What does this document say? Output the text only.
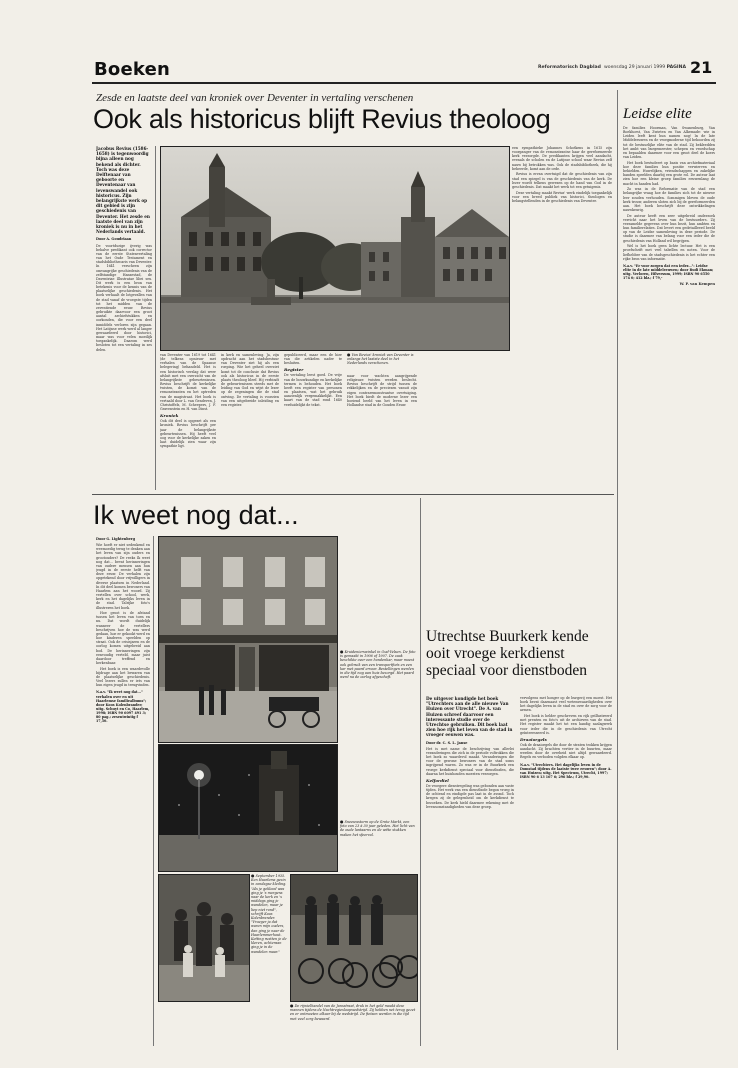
Boeken	Reformatorisch Dagblad woensdag 29 januari 1999 PAGINA 21
Zesde en laatste deel van kroniek over Deventer in vertaling verschenen
Ook als historicus blijft Revius theoloog
Jacobus Revius (1586-1658) is tegenwoordig bijna alleen nog bekend als dichter. Toch was deze Delftenaar van geboorte en Deventenaar van levenswandel ook historicus. Zijn belangrijkste werk op dit gebied is zijn geschiedenis van Deventer. Het zesde en laatste deel van zijn kroniek is nu in het Nederlands vertaald.
Door A. Goudriaan

De voortdurige ijverig was behalve predikant ook corrector van de eerste Statenvertaling van het Oude Testament en stadsbibliothecaris van Deventer. In 1641 verscheen zijn omvangrijke geschiedenis van de zelfstandige Hanzestad, de Daventriae Illustratae libri sex. Dit werk is een bron van betekenis voor de kennis van de plaatselijke geschiedenis. Het boek verhaalt de lotgevallen van de stad vanaf de vroegste tijden tot het midden van de zeventiende eeuw. Revius gebruikte daarvoor een groot aantal archiefstukken en oorkonden, die voor een deel inmiddels verloren zijn gegaan. Het Latijnse werk werd al langer gewaardeerd door historici, maar was voor velen moeilijk toegankelijk. Daarom werd besloten tot een vertaling in zes delen.

van Deventer van 1619 tot 1641 (de telkens opnieuw met verhalen van de Spaanse belegering) behandeld. Het is een historisch verslag dat weer afsluit met een overzicht van de belangrijkste gebeurtenissen. Revius beschrijft de kerkelijke twisten, de komst van de remonstranten en het optreden van de magistraat. Het boek is vertaald door L. van Gendeven, J. Christoffels, M. Scheepers, J. F. Gravenstein en H. van Dinst.

Kroniek

Ook dit deel is opgezet als een kroniek. Revius beschrijft per jaar de belangrijkste gebeurtenissen. Hij heeft veel oog voor de kerkelijke zaken en laat duidelijk zien waar zijn sympathie ligt.

in kerk en samenleving. Ja, zijn opdracht aan het stadsbestuur van Deventer ziet hij als een roeping. Wie het geheel overziet komt tot de conclusie dat Revius ook als historicus in de eerste plaats theoloog bleef. Hij verbindt de gebeurtenissen steeds met de leiding van God en wijst de lezer op de zegeningen die de stad ontving. De vertaling is voorzien van een uitgebreide inleiding en een register.

gepubliceerd, maar een de hier van die artikelen nader te besluiten.

Register

De vertaling leest goed. De vrije van de bouwkundige en kerkelijke termen is behouden. Het boek heeft een register van personen en plaatsen, wat het gebruik aanzienlijk vergemakkelijkt. Een kaart van de stad rond 1640 verduidelijkt de tekst.

● Van Revius' kroniek van Deventer is onlangs het laatste deel in het Nederlands verschenen.

naar voor wachten aangrijpende religieuze twisten werden beslecht. Revius beschrijft de strijd tussen de rekkelijken en de preciezen vanuit zijn eigen contraremonstrantse overtuiging. Het boek biedt de moderne lezer een boeiend beeld van het leven in een Hollandse stad in de Gouden Eeuw.

een sympathieke Johannes Schotkens in 1615 zijn voorganger van de remonstrantse haar de gereformeerde kerk verzorgde. De predikanten krijgen veel aandacht, evenals de scholen en de Latijnse school waar Revius zelf nauw bij betrokken was. Ook de stadsbibliotheek, die hij beheerde, komt aan de orde.

Revius is ervan overtuigd dat de geschiedenis van zijn stad een spiegel is van de geschiedenis van de kerk. De lezer wordt telkens gewezen op de hand van God in de geschiedenis. Dat maakt het werk tot een getuigenis.

Deze vertaling maakt Revius' werk eindelijk toegankelijk voor een breed publiek van historici, theologen en belangstellenden in de geschiedenis van Deventer.

Ik weet nog dat...
Door G. Lightenberg

Wie hoeft er niet sedenkend en weemoedig terug te denken aan het leven van zijn ouders en grootouders? De reeks Ik weet nog dat... bevat herinneringen van oudere mensen aan hun jeugd in de eerste helft van deze eeuw. De verhalen zijn opgetekend door vrijwilligers in diverse plaatsen in Nederland. In dit deel komen bewoners van Haarlem aan het woord. Zij vertellen over school, werk, kerk en het dagelijks leven in de stad. Talrijke foto's illustreren het boek.

Hoe groot is de afstand tussen het leven van toen en nu. Dat wordt duidelijk wanneer de vertellers beschrijven hoe de was werd gedaan, hoe er gekookt werd en hoe kinderen speelden op straat. Ook de crisisjaren en de oorlog komen uitgebreid aan bod. De herinneringen zijn eenvoudig verteld, maar juist daardoor treffend en herkenbaar.

Het boek is een waardevolle bijdrage aan het bewaren van de plaatselijke geschiedenis. Veel lezers zullen er iets van hun eigen jeugd in terugvinden.

N.a.v. "Ik weet nog dat..." verhalen over en uit Haarlemse familiealbums"; door Koos Kolenbrander; uitg. Schuyt en Co, Haarlem, 1998; ISBN 90 6097 491 3; 80 pag.; zesentwintig f 17,50.
● Kruidenierswinkel in Oud-Velsen. De foto is gemaakt in 1906 of 1907. De zaak beschikte over een hondenkar, maar moest ook gebruik van een transportfiets en een kar met paard ervoor. Bestellingen werden in die tijd nog aan huis bezorgd. Het paard werd na de oorlog afgeschaft.
● Sneeuwstorm op de Grote Markt, een foto van 23 á 30 jaar geleden. Het licht van de oude lantaarns en de witte stukken maken het sfeervol.
● September 1935. Een Haarlems gezin in zondagse kleding. "Als je gekleed was ging je 's morgens naar de kerk en 's middags ging je wandelen, maar je liep niet rond", schrijft Koos Kolenbrander. "Vroeger ja dat waren mijn ouders, dan ging je naar de Haarlemmerhout. Ketting rustten je de kleren, achteraan ging je in de wandelen maar."
● De rijwielhandel van de Jansstraat, druk in het geld maakt deze mannen tijdens de Nachtregiesloopwedstrijd. Zij hebben net terug gezet en er ontmoeten elkaar bij de wedstrijd. De fietsen werden in die tijd met veel zorg bewaard.
Utrechtse Buurkerk kende ooit vroege kerkdienst speciaal voor dienstboden
De uitgever kondigde het boek "Utrechters aan de alle nieuwe Van Huizen over Utrecht". De A. van Huizen schreef daarvoor een interessante studie over de Utrechtse gebruiken. Dit boek laat zien hoe rijk het leven van de stad in vroeger eeuwen was.
Door dr. C. S. L. Janse

Het is met name de beschrijving van allerlei veranderingen die zich in de periode voltrokken die het boek zo waardevol maakt. Veranderingen die voor de gewone bewoners van de stad soms ingrijpend waren. Zo was er in de Buurkerk een vroege kerkdienst speciaal voor dienstboden, die daarna het huishouden moesten verzorgen.

Kelfardiel

De vroegere dienstregeling was gebonden aan vaste tijden. Het werk van een dienstbode begon vroeg in de ochtend en eindigde pas laat in de avond. Toch kregen zij de gelegenheid om de kerkdienst te bezoeken. De kerk hield daarmee rekening met de levensomstandigheden van deze groep.

vervolgens met honger op de burgerij een moest. Het boek bevat daarnaast veel wetenswaardigheden over het dagelijks leven in de stad en over de zorg voor de armen.

Het boek is helder geschreven en rijk geïllustreerd met prenten en foto's uit de archieven van de stad. Het register maakt het tot een handig naslagwerk voor ieder die in de geschiedenis van Utrecht geïnteresseerd is.

Draaiorgels

Ook de draaiorgels die door de straten trokken krijgen aandacht. Zij brachten vertier in de buurten, maar werden door de overheid niet altijd gewaardeerd. Regels en verboden volgden elkaar op.

N.a.v. "Utrechters. Het dagelijks leven in de Domstad tijdens de laatste twee eeuwen"; door A. van Huizen; uitg. Het Spectrum, Utrecht, 1997; ISBN 90 6 13 167 6; 296 blz.; f 29,90.
Leidse elite

De families Hoorman, Van Swanenburg, Van Boekhorst, Van Zwieten en Van Alkemade: wie in Leiden leeft kent hun namen nog! In de late Middeleeuwen en de vroegmoderne tijd behoorden zij tot de bestuurlijke elite van de stad. Zij bekleedden het ambt van burgemeester, schepen en vroedschap en bepaalden daarmee voor een groot deel de koers van Leiden.

Het boek bestudeert op basis van archiefmateriaal hoe deze families hun positie verwierven en behielden. Huwelijken, vriendschappen en zakelijke banden speelden daarbij een grote rol. De auteur laat zien hoe een kleine groep families eeuwenlang de macht in handen had.

Zo was in de Reformatie van de stad een belangrijke vraag hoe de families zich tot de nieuwe leer zouden verhouden. Sommigen bleven de oude kerk trouw, anderen sloten zich bij de gereformeerden aan. Het boek beschrijft deze ontwikkelingen nauwkeurig.

De auteur heeft een zeer uitgebreid onderzoek verricht naar het leven van de bestuurders. Zij verzamelde gegevens over hun bezit, hun ambten en hun familierelaties. Dat levert een gedetailleerd beeld op van de Leidse samenleving in deze periode. De studie is daarmee van belang voor een ieder die de geschiedenis van Holland wil begrijpen.

Wel is het boek geen lichte lectuur. Het is een proefschrift met veel tabellen en noten. Voor de liefhebber van de stadsgeschiedenis is het echter een rijke bron van informatie.

N.a.v. "Er voor zorgen dat een ieder...": Leidse elite in de late middeleeuwen; door Rudi Ekman; uitg. Verloren, Hilversum, 1999; ISBN 90 6550 174 0; 412 blz.; f 79,-
W. P. van Kempen
